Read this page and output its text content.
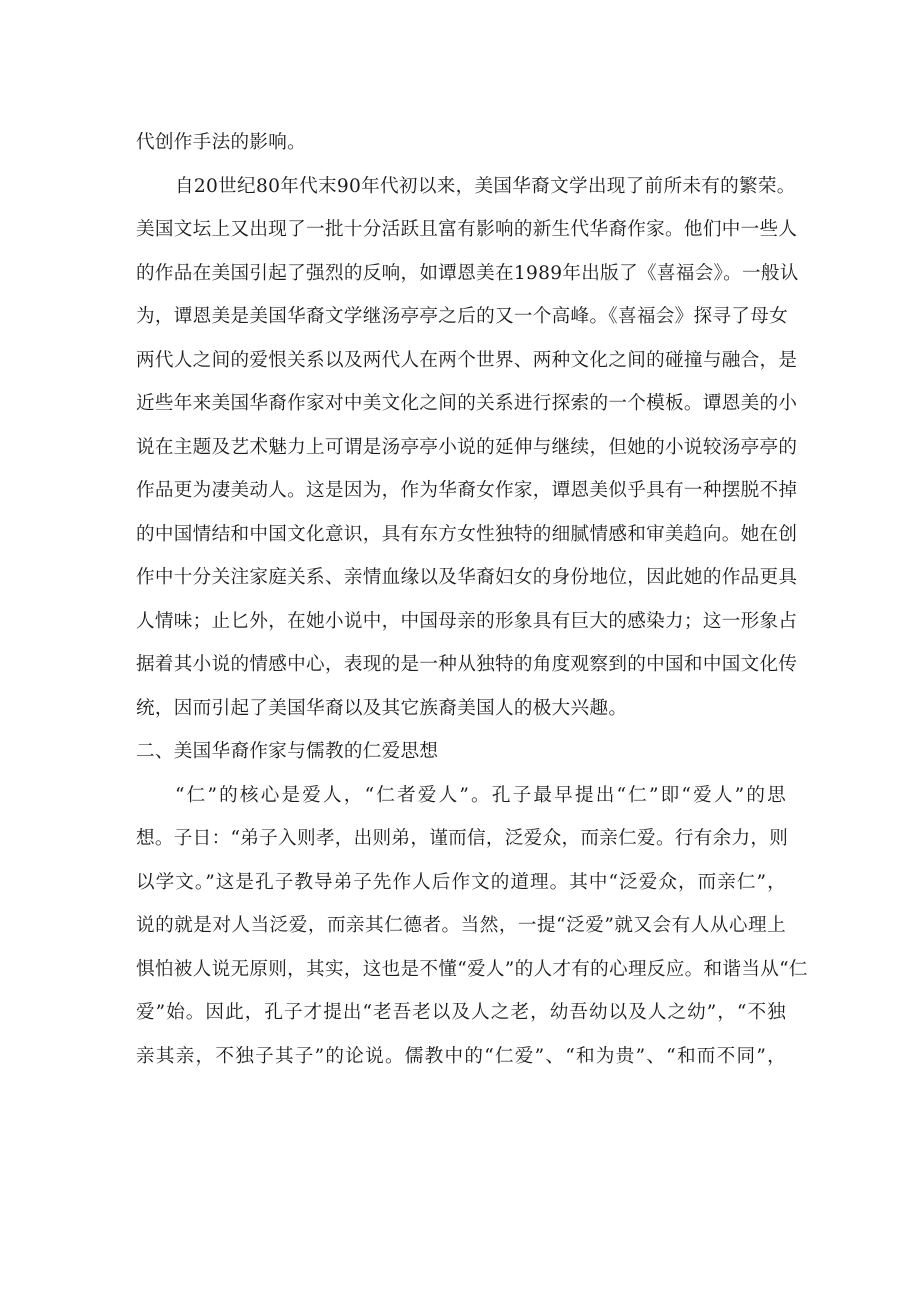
代创作手法的影响。
自20世纪80年代末90年代初以来，美国华裔文学出现了前所未有的繁荣。
美国文坛上又出现了一批十分活跃且富有影响的新生代华裔作家。他们中一些人
的作品在美国引起了强烈的反响，如谭恩美在1989年出版了《喜福会》。一般认
为，谭恩美是美国华裔文学继汤亭亭之后的又一个高峰。《喜福会》探寻了母女
两代人之间的爱恨关系以及两代人在两个世界、两种文化之间的碰撞与融合，是
近些年来美国华裔作家对中美文化之间的关系进行探索的一个模板。谭恩美的小
说在主题及艺术魅力上可谓是汤亭亭小说的延伸与继续，但她的小说较汤亭亭的
作品更为凄美动人。这是因为，作为华裔女作家，谭恩美似乎具有一种摆脱不掉
的中国情结和中国文化意识，具有东方女性独特的细腻情感和审美趋向。她在创
作中十分关注家庭关系、亲情血缘以及华裔妇女的身份地位，因此她的作品更具
人情味；止匕外，在她小说中，中国母亲的形象具有巨大的感染力；这一形象占
据着其小说的情感中心，表现的是一种从独特的角度观察到的中国和中国文化传
统，因而引起了美国华裔以及其它族裔美国人的极大兴趣。
二、美国华裔作家与儒教的仁爱思想
“仁”的核心是爱人，“仁者爱人”。孔子最早提出“仁”即“爱人”的思
想。子日：“弟子入则孝，出则弟，谨而信，泛爱众，而亲仁爱。行有余力，则
以学文。”这是孔子教导弟子先作人后作文的道理。其中“泛爱众，而亲仁”，
说的就是对人当泛爱，而亲其仁德者。当然，一提“泛爱”就又会有人从心理上
惧怕被人说无原则，其实，这也是不懂“爱人”的人才有的心理反应。和谐当从“仁
爱”始。因此，孔子才提出“老吾老以及人之老，幼吾幼以及人之幼”，“不独
亲其亲，不独子其子”的论说。儒教中的“仁爱”、“和为贵”、“和而不同”，
